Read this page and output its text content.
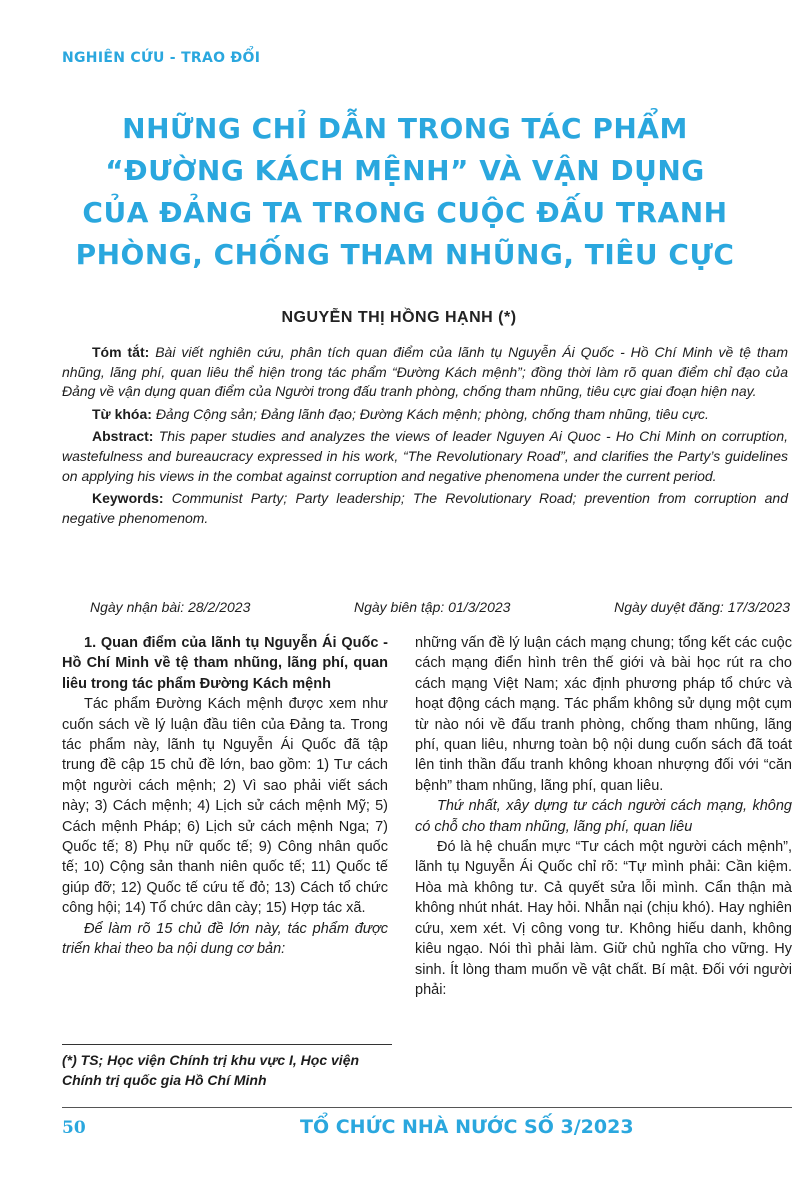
NGHIÊN CỨU - TRAO ĐỔI
NHỮNG CHỈ DẪN TRONG TÁC PHẨM
“ĐƯỜNG KÁCH MỆNH” VÀ VẬN DỤNG
CỦA ĐẢNG TA TRONG CUỘC ĐẤU TRANH
PHÒNG, CHỐNG THAM NHŨNG, TIÊU CỰC
NGUYỄN THỊ HỒNG HẠNH (*)

Tóm tắt: Bài viết nghiên cứu, phân tích quan điểm của lãnh tụ Nguyễn Ái Quốc - Hồ Chí Minh về tệ tham nhũng, lãng phí, quan liêu thể hiện trong tác phẩm “Đường Kách mệnh”; đồng thời làm rõ quan điểm chỉ đạo của Đảng về vận dụng quan điểm của Người trong đấu tranh phòng, chống tham nhũng, tiêu cực giai đoạn hiện nay.

Từ khóa: Đảng Cộng sản; Đảng lãnh đạo; Đường Kách mệnh; phòng, chống tham nhũng, tiêu cực.

Abstract: This paper studies and analyzes the views of leader Nguyen Ai Quoc - Ho Chi Minh on corruption, wastefulness and bureaucracy expressed in his work, “The Revolutionary Road”, and clarifies the Party’s guidelines on applying his views in the combat against corruption and negative phenomena under the current period.

Keywords: Communist Party; Party leadership; The Revolutionary Road; prevention from corruption and negative phenomenom.

Ngày nhận bài: 28/2/2023	Ngày biên tập: 01/3/2023	Ngày duyệt đăng: 17/3/2023

1. Quan điểm của lãnh tụ Nguyễn Ái Quốc - Hồ Chí Minh về tệ tham nhũng, lãng phí, quan liêu trong tác phẩm Đường Kách mệnh

Tác phẩm Đường Kách mệnh được xem như cuốn sách về lý luận đầu tiên của Đảng ta. Trong tác phẩm này, lãnh tụ Nguyễn Ái Quốc đã tập trung đề cập 15 chủ đề lớn, bao gồm: 1) Tư cách một người cách mệnh; 2) Vì sao phải viết sách này; 3) Cách mệnh; 4) Lịch sử cách mệnh Mỹ; 5) Cách mệnh Pháp; 6) Lịch sử cách mệnh Nga; 7) Quốc tế; 8) Phụ nữ quốc tế; 9) Công nhân quốc tế; 10) Cộng sản thanh niên quốc tế; 11) Quốc tế giúp đỡ; 12) Quốc tế cứu tế đỏ; 13) Cách tổ chức công hội; 14) Tổ chức dân cày; 15) Hợp tác xã.

Để làm rõ 15 chủ đề lớn này, tác phẩm được triển khai theo ba nội dung cơ bản:

những vấn đề lý luận cách mạng chung; tổng kết các cuộc cách mạng điển hình trên thế giới và bài học rút ra cho cách mạng Việt Nam; xác định phương pháp tổ chức và hoạt động cách mạng. Tác phẩm không sử dụng một cụm từ nào nói về đấu tranh phòng, chống tham nhũng, lãng phí, quan liêu, nhưng toàn bộ nội dung cuốn sách đã toát lên tinh thần đấu tranh không khoan nhượng đối với “căn bệnh” tham nhũng, lãng phí, quan liêu.

Thứ nhất, xây dựng tư cách người cách mạng, không có chỗ cho tham nhũng, lãng phí, quan liêu

Đó là hệ chuẩn mực “Tư cách một người cách mệnh”, lãnh tụ Nguyễn Ái Quốc chỉ rõ: “Tự mình phải: Cần kiệm. Hòa mà không tư. Cả quyết sửa lỗi mình. Cẩn thận mà không nhút nhát. Hay hỏi. Nhẫn nại (chịu khó). Hay nghiên cứu, xem xét. Vị công vong tư. Không hiếu danh, không kiêu ngạo. Nói thì phải làm. Giữ chủ nghĩa cho vững. Hy sinh. Ít lòng tham muốn về vật chất. Bí mật. Đối với người phải:

(*) TS; Học viện Chính trị khu vực I, Học viện Chính trị quốc gia Hồ Chí Minh
50	TỔ CHỨC NHÀ NƯỚC SỐ 3/2023
